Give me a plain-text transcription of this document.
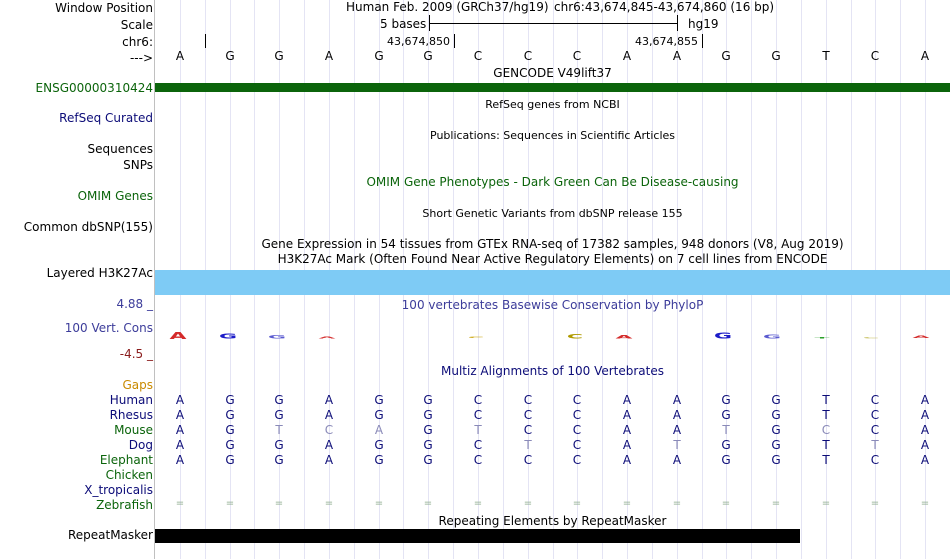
Window Position
Scale
chr6:
--->
Human Feb. 2009 (GRCh37/hg19) chr6:43,674,845-43,674,860 (16 bp)
5 bases	hg19
43,674,850	43,674,855
A	G	G	A	G	G	C	C	C	A	A	G	G	T	C	A
GENCODE V49lift37
ENSG00000310424
RefSeq genes from NCBI
RefSeq Curated
Publications: Sequences in Scientific Articles
Sequences
SNPs
OMIM Gene Phenotypes - Dark Green Can Be Disease-causing
OMIM Genes
Short Genetic Variants from dbSNP release 155
Common dbSNP(155)
Gene Expression in 54 tissues from GTEx RNA-seq of 17382 samples, 948 donors (V8, Aug 2019)
H3K27Ac Mark (Often Found Near Active Regulatory Elements) on 7 cell lines from ENCODE
Layered H3K27Ac
100 vertebrates Basewise Conservation by PhyloP
4.88 _
100 Vert. Cons
-4.5 _
A G G A	C	C A	G G T C A
Multiz Alignments of 100 Vertebrates
Gaps
Human	A	G	G	A	G	G	C	C	C	A	A	G	G	T	C	A
Rhesus	A	G	G	A	G	G	C	C	C	A	A	G	G	T	C	A
Mouse	A	G	T	C	A	G	T	C	C	A	A	T	G	C	C	A
Dog	A	G	G	A	G	G	C	T	C	A	T	G	G	T	T	A
Elephant	A	G	G	A	G	G	C	C	C	A	A	G	G	T	C	A
Chicken
X_tropicalis
Zebrafish	=	=	=	=	=	=	=	=	=	=	=	=	=	=	=	=
Repeating Elements by RepeatMasker
RepeatMasker
